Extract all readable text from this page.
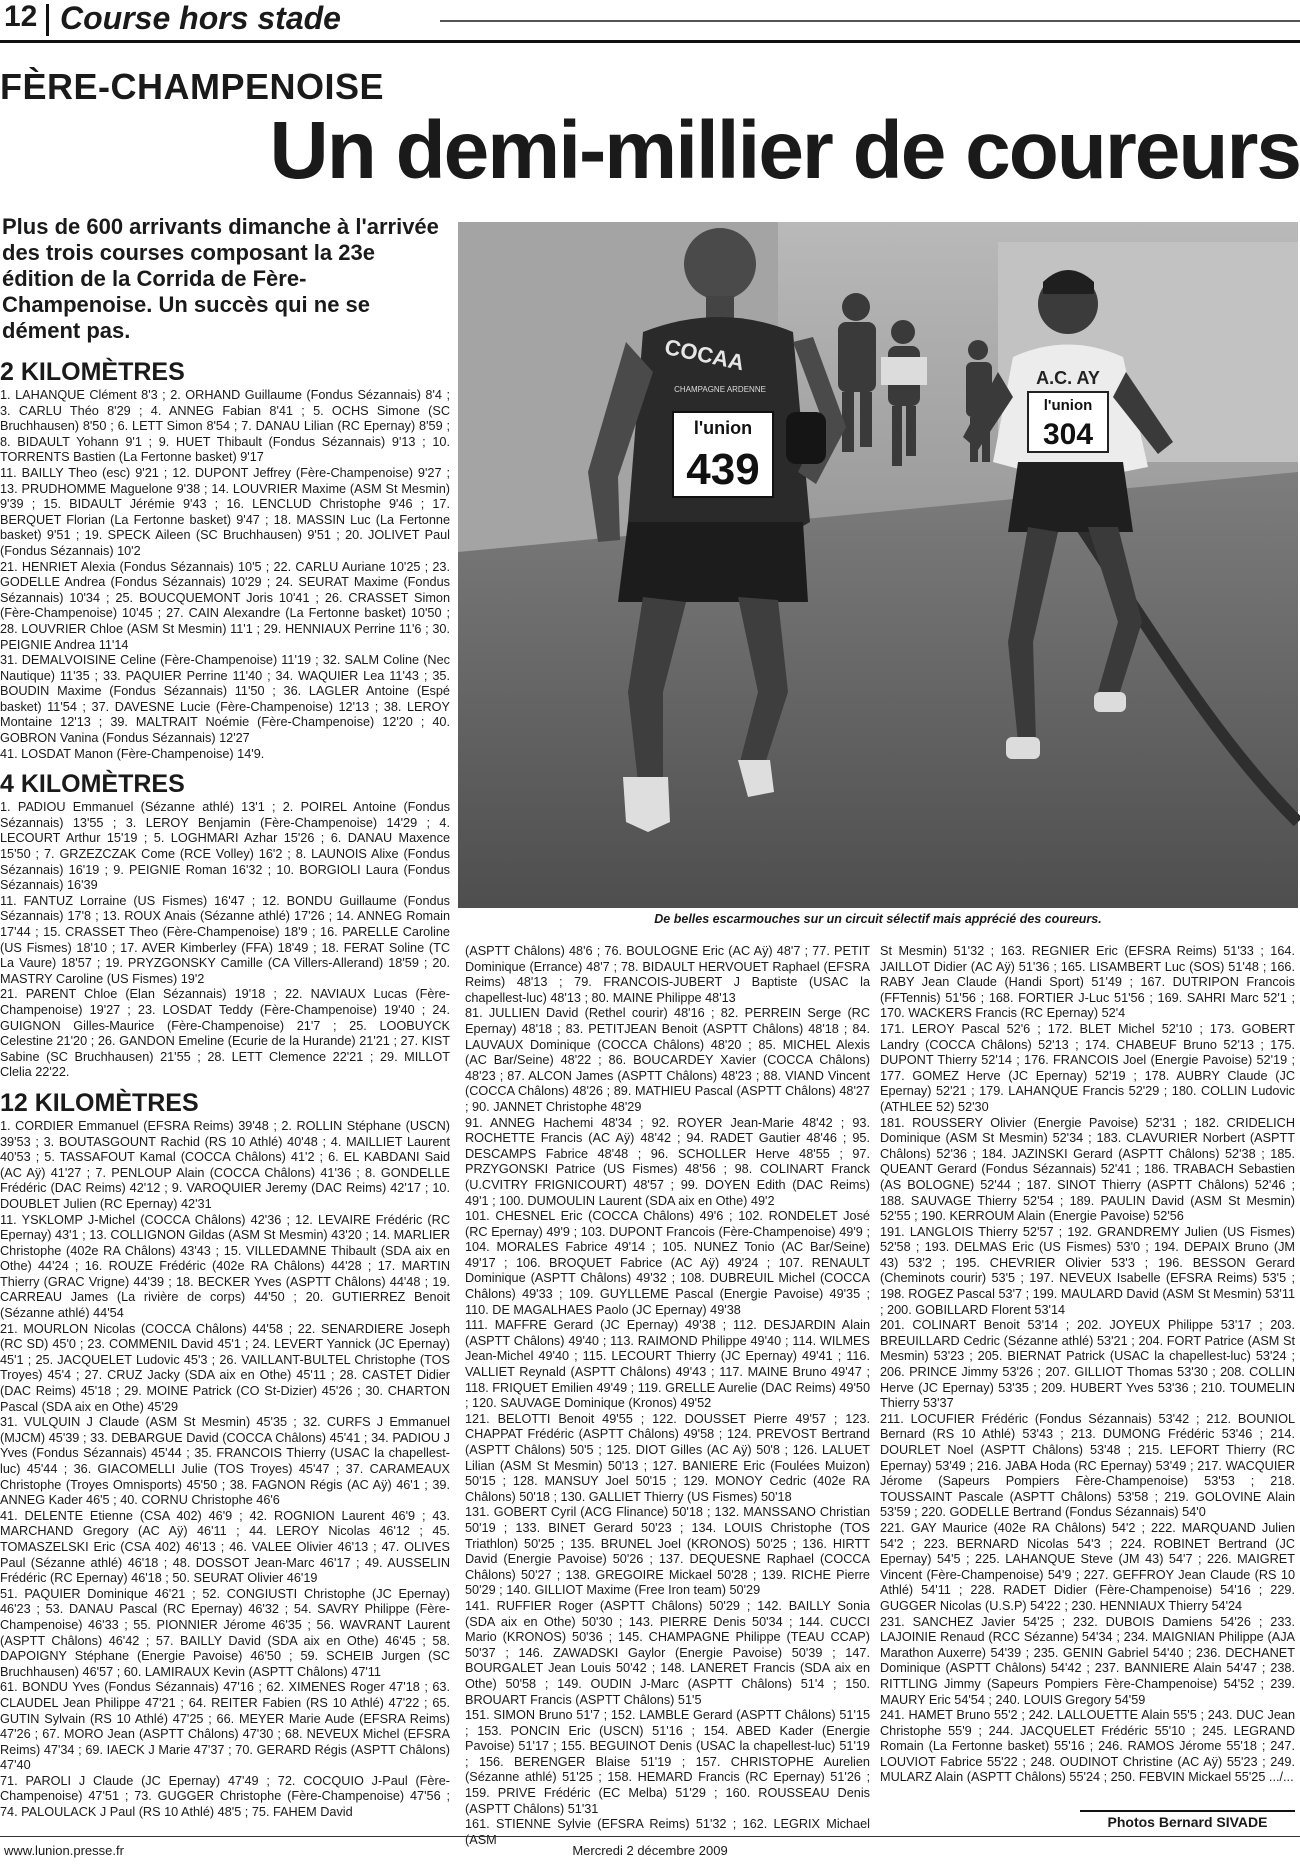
12 Course hors stade
FÈRE-CHAMPENOISE
Un demi-millier de coureurs
Plus de 600 arrivants dimanche à l'arrivée des trois courses composant la 23e édition de la Corrida de Fère-Champenoise. Un succès qui ne se dément pas.
2 KILOMÈTRES

1. LAHANQUE Clément 8'3 ; 2. ORHAND Guillaume (Fondus Sézannais) 8'4 ; 3. CARLU Théo 8'29 ; 4. ANNEG Fabian 8'41 ; 5. OCHS Simone (SC Bruchhausen) 8'50 ; 6. LETT Simon 8'54 ; 7. DANAU Lilian (RC Epernay) 8'59 ; 8. BIDAULT Yohann 9'1 ; 9. HUET Thibault (Fondus Sézannais) 9'13 ; 10. TORRENTS Bastien (La Fertonne basket) 9'17

11. BAILLY Theo (esc) 9'21 ; 12. DUPONT Jeffrey (Fère-Champenoise) 9'27 ; 13. PRUDHOMME Maguelone 9'38 ; 14. LOUVRIER Maxime (ASM St Mesmin) 9'39 ; 15. BIDAULT Jérémie 9'43 ; 16. LENCLUD Christophe 9'46 ; 17. BERQUET Florian (La Fertonne basket) 9'47 ; 18. MASSIN Luc (La Fertonne basket) 9'51 ; 19. SPECK Aileen (SC Bruchhausen) 9'51 ; 20. JOLIVET Paul (Fondus Sézannais) 10'2

21. HENRIET Alexia (Fondus Sézannais) 10'5 ; 22. CARLU Auriane 10'25 ; 23. GODELLE Andrea (Fondus Sézannais) 10'29 ; 24. SEURAT Maxime (Fondus Sézannais) 10'34 ; 25. BOUCQUEMONT Joris 10'41 ; 26. CRASSET Simon (Fère-Champenoise) 10'45 ; 27. CAIN Alexandre (La Fertonne basket) 10'50 ; 28. LOUVRIER Chloe (ASM St Mesmin) 11'1 ; 29. HENNIAUX Perrine 11'6 ; 30. PEIGNIE Andrea 11'14

31. DEMALVOISINE Celine (Fère-Champenoise) 11'19 ; 32. SALM Coline (Nec Nautique) 11'35 ; 33. PAQUIER Perrine 11'40 ; 34. WAQUIER Lea 11'43 ; 35. BOUDIN Maxime (Fondus Sézannais) 11'50 ; 36. LAGLER Antoine (Espé basket) 11'54 ; 37. DAVESNE Lucie (Fère-Champenoise) 12'13 ; 38. LEROY Montaine 12'13 ; 39. MALTRAIT Noémie (Fère-Champenoise) 12'20 ; 40. GOBRON Vanina (Fondus Sézannais) 12'27

41. LOSDAT Manon (Fère-Champenoise) 14'9.

4 KILOMÈTRES

1. PADIOU Emmanuel (Sézanne athlé) 13'1 ; 2. POIREL Antoine (Fondus Sézannais) 13'55 ; 3. LEROY Benjamin (Fère-Champenoise) 14'29 ; 4. LECOURT Arthur 15'19 ; 5. LOGHMARI Azhar 15'26 ; 6. DANAU Maxence 15'50 ; 7. GRZEZCZAK Come (RCE Volley) 16'2 ; 8. LAUNOIS Alixe (Fondus Sézannais) 16'19 ; 9. PEIGNIE Roman 16'32 ; 10. BORGIOLI Laura (Fondus Sézannais) 16'39

11. FANTUZ Lorraine (US Fismes) 16'47 ; 12. BONDU Guillaume (Fondus Sézannais) 17'8 ; 13. ROUX Anais (Sézanne athlé) 17'26 ; 14. ANNEG Romain 17'44 ; 15. CRASSET Theo (Fère-Champenoise) 18'9 ; 16. PARELLE Caroline (US Fismes) 18'10 ; 17. AVER Kimberley (FFA) 18'49 ; 18. FERAT Soline (TC La Vaure) 18'57 ; 19. PRYZGONSKY Camille (CA Villers-Allerand) 18'59 ; 20. MASTRY Caroline (US Fismes) 19'2

21. PARENT Chloe (Elan Sézannais) 19'18 ; 22. NAVIAUX Lucas (Fère-Champenoise) 19'27 ; 23. LOSDAT Teddy (Fère-Champenoise) 19'40 ; 24. GUIGNON Gilles-Maurice (Fère-Champenoise) 21'7 ; 25. LOOBUYCK Celestine 21'20 ; 26. GANDON Emeline (Ecurie de la Hurande) 21'21 ; 27. KIST Sabine (SC Bruchhausen) 21'55 ; 28. LETT Clemence 22'21 ; 29. MILLOT Clelia 22'22.

12 KILOMÈTRES

1. CORDIER Emmanuel (EFSRA Reims) 39'48 ; 2. ROLLIN Stéphane (USCN) 39'53 ; 3. BOUTASGOUNT Rachid (RS 10 Athlé) 40'48 ; 4. MAILLIET Laurent 40'53 ; 5. TASSAFOUT Kamal (COCCA Châlons) 41'2 ; 6. EL KABDANI Said (AC Aÿ) 41'27 ; 7. PENLOUP Alain (COCCA Châlons) 41'36 ; 8. GONDELLE Frédéric (DAC Reims) 42'12 ; 9. VAROQUIER Jeremy (DAC Reims) 42'17 ; 10. DOUBLET Julien (RC Epernay) 42'31

11. YSKLOMP J-Michel (COCCA Châlons) 42'36 ; 12. LEVAIRE Frédéric (RC Epernay) 43'1 ; 13. COLLIGNON Gildas (ASM St Mesmin) 43'20 ; 14. MARLIER Christophe (402e RA Châlons) 43'43 ; 15. VILLEDAMNE Thibault (SDA aix en Othe) 44'24 ; 16. ROUZE Frédéric (402e RA Châlons) 44'28 ; 17. MARTIN Thierry (GRAC Vrigne) 44'39 ; 18. BECKER Yves (ASPTT Châlons) 44'48 ; 19. CARREAU James (La rivière de corps) 44'50 ; 20. GUTIERREZ Benoit (Sézanne athlé) 44'54

21. MOURLON Nicolas (COCCA Châlons) 44'58 ; 22. SENARDIERE Joseph (RC SD) 45'0 ; 23. COMMENIL David 45'1 ; 24. LEVERT Yannick (JC Epernay) 45'1 ; 25. JACQUELET Ludovic 45'3 ; 26. VAILLANT-BULTEL Christophe (TOS Troyes) 45'4 ; 27. CRUZ Jacky (SDA aix en Othe) 45'11 ; 28. CASTET Didier (DAC Reims) 45'18 ; 29. MOINE Patrick (CO St-Dizier) 45'26 ; 30. CHARTON Pascal (SDA aix en Othe) 45'29

31. VULQUIN J Claude (ASM St Mesmin) 45'35 ; 32. CURFS J Emmanuel (MJCM) 45'39 ; 33. DEBARGUE David (COCCA Châlons) 45'41 ; 34. PADIOU J Yves (Fondus Sézannais) 45'44 ; 35. FRANCOIS Thierry (USAC la chapellest-luc) 45'44 ; 36. GIACOMELLI Julie (TOS Troyes) 45'47 ; 37. CARAMEAUX Christophe (Troyes Omnisports) 45'50 ; 38. FAGNON Régis (AC Aÿ) 46'1 ; 39. ANNEG Kader 46'5 ; 40. CORNU Christophe 46'6

41. DELENTE Etienne (CSA 402) 46'9 ; 42. ROGNION Laurent 46'9 ; 43. MARCHAND Gregory (AC Aÿ) 46'11 ; 44. LEROY Nicolas 46'12 ; 45. TOMASZELSKI Eric (CSA 402) 46'13 ; 46. VALEE Olivier 46'13 ; 47. OLIVES Paul (Sézanne athlé) 46'18 ; 48. DOSSOT Jean-Marc 46'17 ; 49. AUSSELIN Frédéric (RC Epernay) 46'18 ; 50. SEURAT Olivier 46'19

51. PAQUIER Dominique 46'21 ; 52. CONGIUSTI Christophe (JC Epernay) 46'23 ; 53. DANAU Pascal (RC Epernay) 46'32 ; 54. SAVRY Philippe (Fère-Champenoise) 46'33 ; 55. PIONNIER Jérome 46'35 ; 56. WAVRANT Laurent (ASPTT Châlons) 46'42 ; 57. BAILLY David (SDA aix en Othe) 46'45 ; 58. DAPOIGNY Stéphane (Energie Pavoise) 46'50 ; 59. SCHEIB Jurgen (SC Bruchhausen) 46'57 ; 60. LAMIRAUX Kevin (ASPTT Châlons) 47'11

61. BONDU Yves (Fondus Sézannais) 47'16 ; 62. XIMENES Roger 47'18 ; 63. CLAUDEL Jean Philippe 47'21 ; 64. REITER Fabien (RS 10 Athlé) 47'22 ; 65. GUTIN Sylvain (RS 10 Athlé) 47'25 ; 66. MEYER Marie Aude (EFSRA Reims) 47'26 ; 67. MORO Jean (ASPTT Châlons) 47'30 ; 68. NEVEUX Michel (EFSRA Reims) 47'34 ; 69. IAECK J Marie 47'37 ; 70. GERARD Régis (ASPTT Châlons) 47'40

71. PAROLI J Claude (JC Epernay) 47'49 ; 72. COCQUIO J-Paul (Fère-Champenoise) 47'51 ; 73. GUGGER Christophe (Fère-Champenoise) 47'56 ; 74. PALOULACK J Paul (RS 10 Athlé) 48'5 ; 75. FAHEM David

A.C. AY
l'union
304
COCAA
CHAMPAGNE ARDENNE
l'union
439
De belles escarmouches sur un circuit sélectif mais apprécié des coureurs.

(ASPTT Châlons) 48'6 ; 76. BOULOGNE Eric (AC Aÿ) 48'7 ; 77. PETIT Dominique (Errance) 48'7 ; 78. BIDAULT HERVOUET Raphael (EFSRA Reims) 48'13 ; 79. FRANCOIS-JUBERT J Baptiste (USAC la chapellest-luc) 48'13 ; 80. MAINE Philippe 48'13

81. JULLIEN David (Rethel courir) 48'16 ; 82. PERREIN Serge (RC Epernay) 48'18 ; 83. PETITJEAN Benoit (ASPTT Châlons) 48'18 ; 84. LAUVAUX Dominique (COCCA Châlons) 48'20 ; 85. MICHEL Alexis (AC Bar/Seine) 48'22 ; 86. BOUCARDEY Xavier (COCCA Châlons) 48'23 ; 87. ALCON James (ASPTT Châlons) 48'23 ; 88. VIAND Vincent (COCCA Châlons) 48'26 ; 89. MATHIEU Pascal (ASPTT Châlons) 48'27 ; 90. JANNET Christophe 48'29

91. ANNEG Hachemi 48'34 ; 92. ROYER Jean-Marie 48'42 ; 93. ROCHETTE Francis (AC Aÿ) 48'42 ; 94. RADET Gautier 48'46 ; 95. DESCAMPS Fabrice 48'48 ; 96. SCHOLLER Herve 48'55 ; 97. PRZYGONSKI Patrice (US Fismes) 48'56 ; 98. COLINART Franck (U.CVITRY FRIGNICOURT) 48'57 ; 99. DOYEN Edith (DAC Reims) 49'1 ; 100. DUMOULIN Laurent (SDA aix en Othe) 49'2

101. CHESNEL Eric (COCCA Châlons) 49'6 ; 102. RONDELET José (RC Epernay) 49'9 ; 103. DUPONT Francois (Fère-Champenoise) 49'9 ; 104. MORALES Fabrice 49'14 ; 105. NUNEZ Tonio (AC Bar/Seine) 49'17 ; 106. BROQUET Fabrice (AC Aÿ) 49'24 ; 107. RENAULT Dominique (ASPTT Châlons) 49'32 ; 108. DUBREUIL Michel (COCCA Châlons) 49'33 ; 109. GUYLLEME Pascal (Energie Pavoise) 49'35 ; 110. DE MAGALHAES Paolo (JC Epernay) 49'38

111. MAFFRE Gerard (JC Epernay) 49'38 ; 112. DESJARDIN Alain (ASPTT Châlons) 49'40 ; 113. RAIMOND Philippe 49'40 ; 114. WILMES Jean-Michel 49'40 ; 115. LECOURT Thierry (JC Epernay) 49'41 ; 116. VALLIET Reynald (ASPTT Châlons) 49'43 ; 117. MAINE Bruno 49'47 ; 118. FRIQUET Emilien 49'49 ; 119. GRELLE Aurelie (DAC Reims) 49'50 ; 120. SAUVAGE Dominique (Kronos) 49'52

121. BELOTTI Benoit 49'55 ; 122. DOUSSET Pierre 49'57 ; 123. CHAPPAT Frédéric (ASPTT Châlons) 49'58 ; 124. PREVOST Bertrand (ASPTT Châlons) 50'5 ; 125. DIOT Gilles (AC Aÿ) 50'8 ; 126. LALUET Lilian (ASM St Mesmin) 50'13 ; 127. BANIERE Eric (Foulées Muizon) 50'15 ; 128. MANSUY Joel 50'15 ; 129. MONOY Cedric (402e RA Châlons) 50'18 ; 130. GALLIET Thierry (US Fismes) 50'18

131. GOBERT Cyril (ACG Flinance) 50'18 ; 132. MANSSANO Christian 50'19 ; 133. BINET Gerard 50'23 ; 134. LOUIS Christophe (TOS Triathlon) 50'25 ; 135. BRUNEL Joel (KRONOS) 50'25 ; 136. HIRTT David (Energie Pavoise) 50'26 ; 137. DEQUESNE Raphael (COCCA Châlons) 50'27 ; 138. GREGOIRE Mickael 50'28 ; 139. RICHE Pierre 50'29 ; 140. GILLIOT Maxime (Free Iron team) 50'29

141. RUFFIER Roger (ASPTT Châlons) 50'29 ; 142. BAILLY Sonia (SDA aix en Othe) 50'30 ; 143. PIERRE Denis 50'34 ; 144. CUCCI Mario (KRONOS) 50'36 ; 145. CHAMPAGNE Philippe (TEAU CCAP) 50'37 ; 146. ZAWADSKI Gaylor (Energie Pavoise) 50'39 ; 147. BOURGALET Jean Louis 50'42 ; 148. LANERET Francis (SDA aix en Othe) 50'58 ; 149. OUDIN J-Marc (ASPTT Châlons) 51'4 ; 150. BROUART Francis (ASPTT Châlons) 51'5

151. SIMON Bruno 51'7 ; 152. LAMBLE Gerard (ASPTT Châlons) 51'15 ; 153. PONCIN Eric (USCN) 51'16 ; 154. ABED Kader (Energie Pavoise) 51'17 ; 155. BEGUINOT Denis (USAC la chapellest-luc) 51'19 ; 156. BERENGER Blaise 51'19 ; 157. CHRISTOPHE Aurelien (Sézanne athlé) 51'25 ; 158. HEMARD Francis (RC Epernay) 51'26 ; 159. PRIVE Frédéric (EC Melba) 51'29 ; 160. ROUSSEAU Denis (ASPTT Châlons) 51'31

161. STIENNE Sylvie (EFSRA Reims) 51'32 ; 162. LEGRIX Michael (ASM

St Mesmin) 51'32 ; 163. REGNIER Eric (EFSRA Reims) 51'33 ; 164. JAILLOT Didier (AC Aÿ) 51'36 ; 165. LISAMBERT Luc (SOS) 51'48 ; 166. RABY Jean Claude (Handi Sport) 51'49 ; 167. DUTRIPON Francois (FFTennis) 51'56 ; 168. FORTIER J-Luc 51'56 ; 169. SAHRI Marc 52'1 ; 170. WACKERS Francis (RC Epernay) 52'4

171. LEROY Pascal 52'6 ; 172. BLET Michel 52'10 ; 173. GOBERT Landry (COCCA Châlons) 52'13 ; 174. CHABEUF Bruno 52'13 ; 175. DUPONT Thierry 52'14 ; 176. FRANCOIS Joel (Energie Pavoise) 52'19 ; 177. GOMEZ Herve (JC Epernay) 52'19 ; 178. AUBRY Claude (JC Epernay) 52'21 ; 179. LAHANQUE Francis 52'29 ; 180. COLLIN Ludovic (ATHLEE 52) 52'30

181. ROUSSERY Olivier (Energie Pavoise) 52'31 ; 182. CRIDELICH Dominique (ASM St Mesmin) 52'34 ; 183. CLAVURIER Norbert (ASPTT Châlons) 52'36 ; 184. JAZINSKI Gerard (ASPTT Châlons) 52'38 ; 185. QUEANT Gerard (Fondus Sézannais) 52'41 ; 186. TRABACH Sebastien (AS BOLOGNE) 52'44 ; 187. SINOT Thierry (ASPTT Châlons) 52'46 ; 188. SAUVAGE Thierry 52'54 ; 189. PAULIN David (ASM St Mesmin) 52'55 ; 190. KERROUM Alain (Energie Pavoise) 52'56

191. LANGLOIS Thierry 52'57 ; 192. GRANDREMY Julien (US Fismes) 52'58 ; 193. DELMAS Eric (US Fismes) 53'0 ; 194. DEPAIX Bruno (JM 43) 53'2 ; 195. CHEVRIER Olivier 53'3 ; 196. BESSON Gerard (Cheminots courir) 53'5 ; 197. NEVEUX Isabelle (EFSRA Reims) 53'5 ; 198. ROGEZ Pascal 53'7 ; 199. MAULARD David (ASM St Mesmin) 53'11 ; 200. GOBILLARD Florent 53'14

201. COLINART Benoit 53'14 ; 202. JOYEUX Philippe 53'17 ; 203. BREUILLARD Cedric (Sézanne athlé) 53'21 ; 204. FORT Patrice (ASM St Mesmin) 53'23 ; 205. BIERNAT Patrick (USAC la chapellest-luc) 53'24 ; 206. PRINCE Jimmy 53'26 ; 207. GILLIOT Thomas 53'30 ; 208. COLLIN Herve (JC Epernay) 53'35 ; 209. HUBERT Yves 53'36 ; 210. TOUMELIN Thierry 53'37

211. LOCUFIER Frédéric (Fondus Sézannais) 53'42 ; 212. BOUNIOL Bernard (RS 10 Athlé) 53'43 ; 213. DUMONG Frédéric 53'46 ; 214. DOURLET Noel (ASPTT Châlons) 53'48 ; 215. LEFORT Thierry (RC Epernay) 53'49 ; 216. JABA Hoda (RC Epernay) 53'49 ; 217. WACQUIER Jérome (Sapeurs Pompiers Fère-Champenoise) 53'53 ; 218. TOUSSAINT Pascale (ASPTT Châlons) 53'58 ; 219. GOLOVINE Alain 53'59 ; 220. GODELLE Bertrand (Fondus Sézannais) 54'0

221. GAY Maurice (402e RA Châlons) 54'2 ; 222. MARQUAND Julien 54'2 ; 223. BERNARD Nicolas 54'3 ; 224. ROBINET Bertrand (JC Epernay) 54'5 ; 225. LAHANQUE Steve (JM 43) 54'7 ; 226. MAIGRET Vincent (Fère-Champenoise) 54'9 ; 227. GEFFROY Jean Claude (RS 10 Athlé) 54'11 ; 228. RADET Didier (Fère-Champenoise) 54'16 ; 229. GUGGER Nicolas (U.S.P) 54'22 ; 230. HENNIAUX Thierry 54'24

231. SANCHEZ Javier 54'25 ; 232. DUBOIS Damiens 54'26 ; 233. LAJOINIE Renaud (RCC Sézanne) 54'34 ; 234. MAIGNIAN Philippe (AJA Marathon Auxerre) 54'39 ; 235. GENIN Gabriel 54'40 ; 236. DECHANET Dominique (ASPTT Châlons) 54'42 ; 237. BANNIERE Alain 54'47 ; 238. RITTLING Jimmy (Sapeurs Pompiers Fère-Champenoise) 54'52 ; 239. MAURY Eric 54'54 ; 240. LOUIS Gregory 54'59

241. HAMET Bruno 55'2 ; 242. LALLOUETTE Alain 55'5 ; 243. DUC Jean Christophe 55'9 ; 244. JACQUELET Frédéric 55'10 ; 245. LEGRAND Romain (La Fertonne basket) 55'16 ; 246. RAMOS Jérome 55'18 ; 247. LOUVIOT Fabrice 55'22 ; 248. OUDINOT Christine (AC Aÿ) 55'23 ; 249. MULARZ Alain (ASPTT Châlons) 55'24 ; 250. FEBVIN Mickael 55'25 .../...

Photos Bernard SIVADE
www.lunion.presse.fr	Mercredi 2 décembre 2009
